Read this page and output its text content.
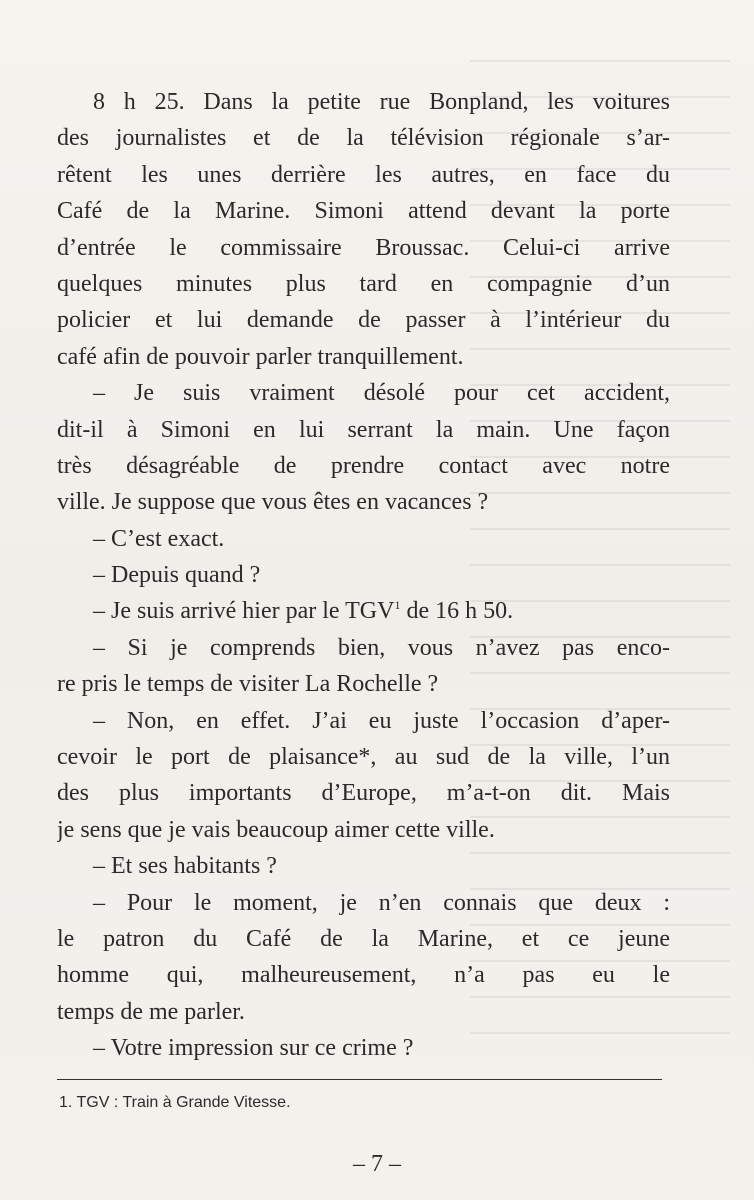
8 h 25. Dans la petite rue Bonpland, les voitures
des journalistes et de la télévision régionale s’ar-
rêtent les unes derrière les autres, en face du
Café de la Marine. Simoni attend devant la porte
d’entrée le commissaire Broussac. Celui-ci arrive
quelques minutes plus tard en compagnie d’un
policier et lui demande de passer à l’intérieur du
café afin de pouvoir parler tranquillement.
– Je suis vraiment désolé pour cet accident,
dit-il à Simoni en lui serrant la main. Une façon
très désagréable de prendre contact avec notre
ville. Je suppose que vous êtes en vacances ?
– C’est exact.
– Depuis quand ?
– Je suis arrivé hier par le TGV$^1$ de 16 h 50.
– Si je comprends bien, vous n’avez pas enco-
re pris le temps de visiter La Rochelle ?
– Non, en effet. J’ai eu juste l’occasion d’aper-
cevoir le port de plaisance*, au sud de la ville, l’un
des plus importants d’Europe, m’a-t-on dit. Mais
je sens que je vais beaucoup aimer cette ville.
– Et ses habitants ?
– Pour le moment, je n’en connais que deux :
le patron du Café de la Marine, et ce jeune
homme qui, malheureusement, n’a pas eu le
temps de me parler.
– Votre impression sur ce crime ?
1. TGV : Train à Grande Vitesse.
– 7 –
